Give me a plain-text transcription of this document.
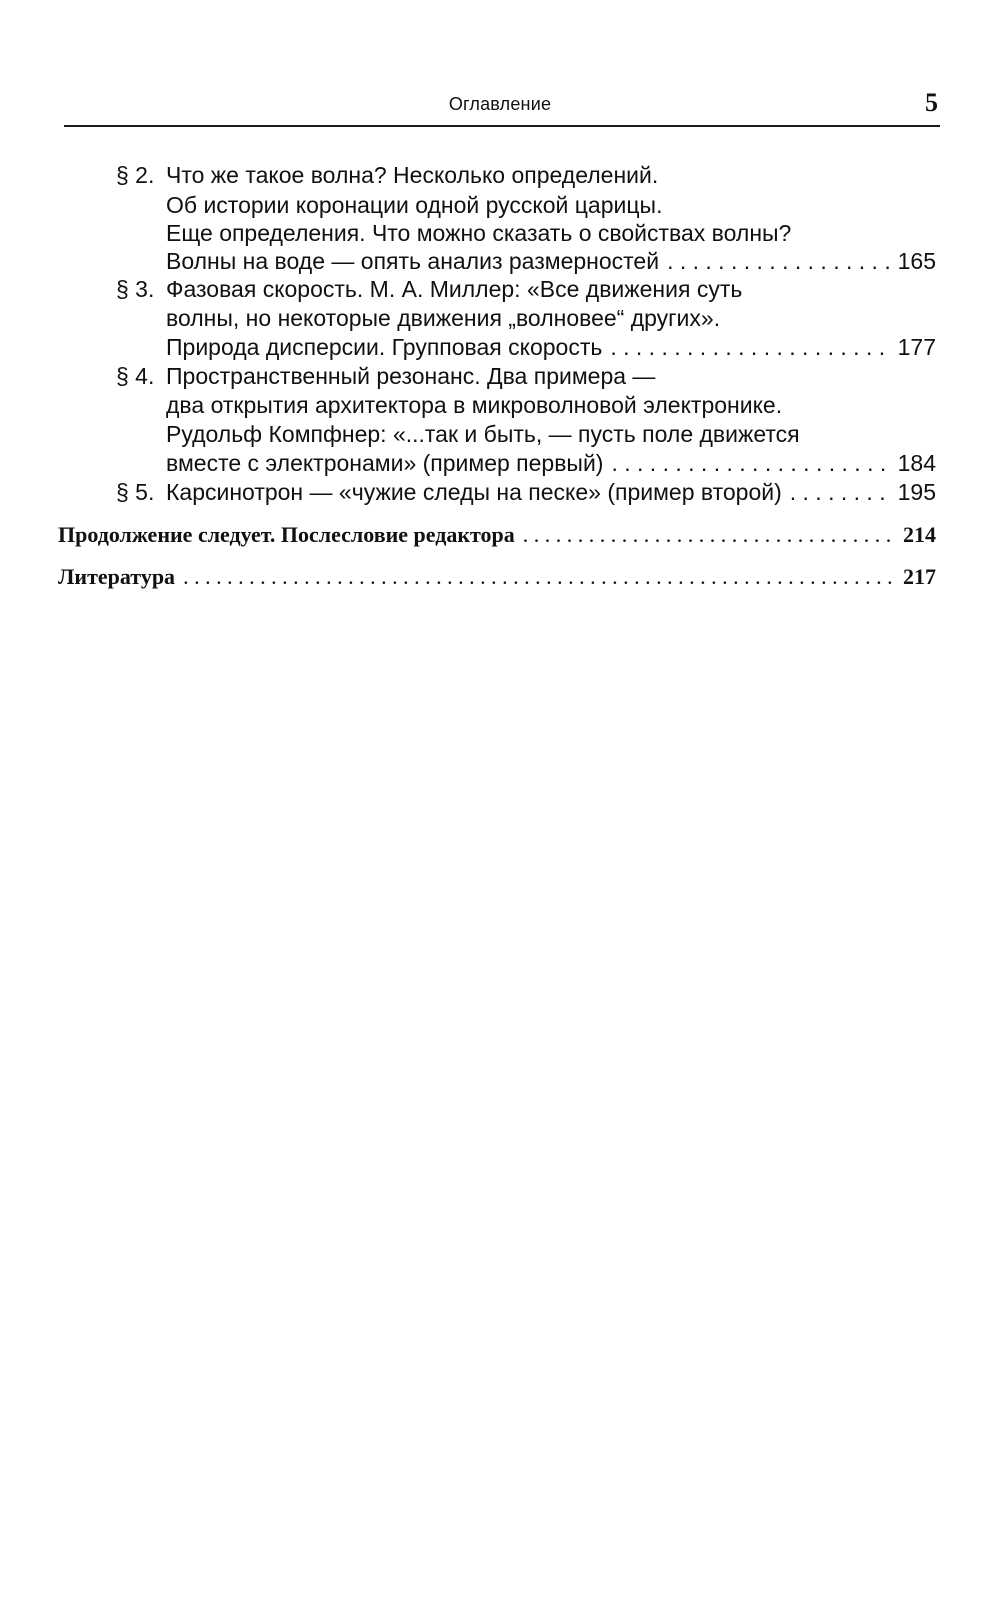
Оглавление	5
§ 2. Что же такое волна? Несколько определений.
Об истории коронации одной русской царицы.
Еще определения. Что можно сказать о свойствах волны?
Волны на воде — опять анализ размерностей . . .	165
§ 3. Фазовая скорость. М. А. Миллер: «Все движения суть
волны, но некоторые движения „волновее“ других».
Природа дисперсии. Групповая скорость . . .	177
§ 4. Пространственный резонанс. Два примера —
два открытия архитектора в микроволновой электронике.
Рудольф Компфнер: «...так и быть, — пусть поле движется
вместе с электронами» (пример первый) . . .	184
§ 5. Карсинотрон — «чужие следы на песке» (пример второй) . . .	195
Продолжение следует. Послесловие редактора . . .	214
Литература . . .	217
